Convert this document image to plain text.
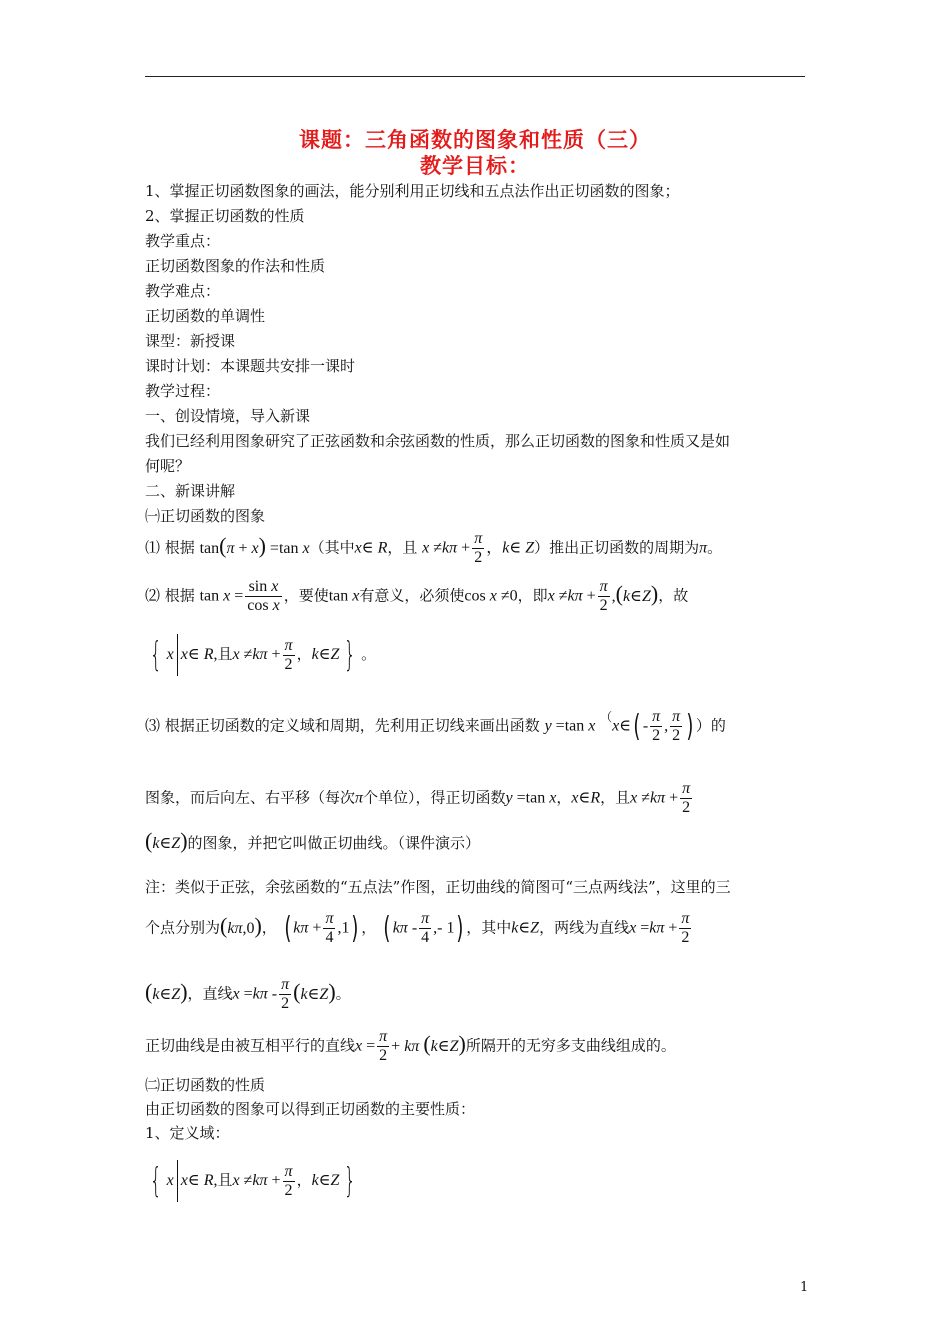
课题：三角函数的图象和性质（三）
教学目标：
1、掌握正切函数图象的画法，能分别利用正切线和五点法作出正切函数的图象；
2、掌握正切函数的性质
教学重点：
正切函数图象的作法和性质
教学难点：
正切函数的单调性
课型：新授课
课时计划：本课题共安排一课时
教学过程：
一、创设情境，导入新课
我们已经利用图象研究了正弦函数和余弦函数的性质，那么正切函数的图象和性质又是如
何呢？
二、新课讲解
㈠正切函数的图象
⑴ 根据 tan(π + x) =tan x（其中x∈ R，且 $x \ne k\pi + \frac{\pi}{2}$ ，k∈ Z）推出正切函数的周期为π。
⑵ 根据 $\tan x = \frac{\text{sin x}}{\text{cos x}}$ ，要使tan x有意义，必须使cos x ≠0，即$x \ne k\pi + \frac{\pi}{2}$ ,(k∈Z)，故
{ x x∈ R,且$x \ne k\pi + \frac{\pi}{2}$ ，k∈Z } 。
⑶ 根据正切函数的定义域和周期，先利用正切线来画出函数 y =tan x （x∈( - $\frac{\pi}{2}$ , $\frac{\pi}{2}$ ) ）的
图象，而后向左、右平移（每次π个单位），得正切函数y =tan x，x∈R，且$x \ne k\pi + \frac{\pi}{2}$
(k∈Z)的图象，并把它叫做正切曲线。（课件演示）
注：类似于正弦，余弦函数的“五点法”作图，正切曲线的简图可“三点两线法”，这里的三
个点分别为(kπ,0)， ( $k\pi + \frac{\pi}{4} ,1$) ， ( kπ - $\frac{\pi}{4}$ ,- 1) ，其中k∈Z，两线为直线$x =k\pi + \frac{\pi}{2}$
(k∈Z)，直线$x =k\pi - \frac{\pi}{2}$ (k∈Z)。
正切曲线是由被互相平行的直线$x = \frac{\pi}{2} + k\pi$ (k∈Z)所隔开的无穷多支曲线组成的。
㈡正切函数的性质
由正切函数的图象可以得到正切函数的主要性质：
1、定义域：
{ x x∈ R,且$x \ne k\pi + \frac{\pi}{2}$ ，k∈Z }
1
